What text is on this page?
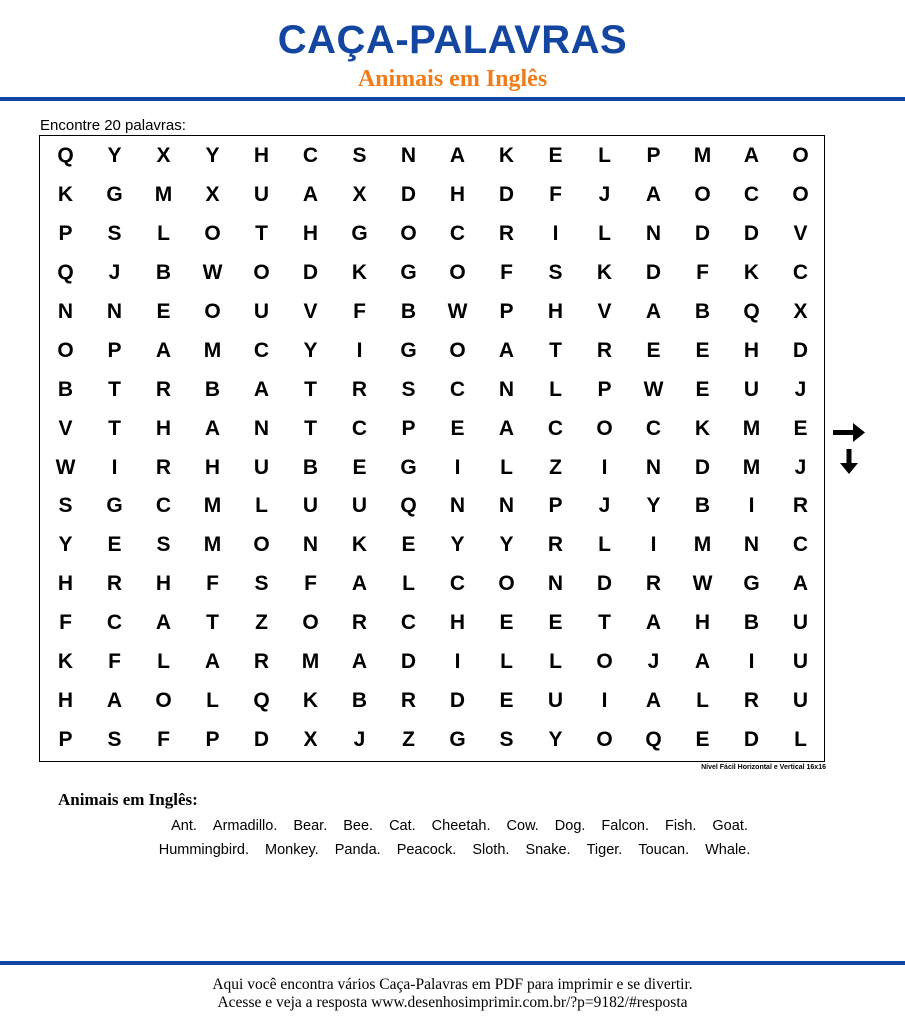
CAÇA-PALAVRAS
Animais em Inglês
Encontre 20 palavras:
Q	Y	X	Y	H	C	S	N	A	K	E	L	P	M	A	O
K	G	M	X	U	A	X	D	H	D	F	J	A	O	C	O
P	S	L	O	T	H	G	O	C	R	I	L	N	D	D	V
Q	J	B	W	O	D	K	G	O	F	S	K	D	F	K	C
N	N	E	O	U	V	F	B	W	P	H	V	A	B	Q	X
O	P	A	M	C	Y	I	G	O	A	T	R	E	E	H	D
B	T	R	B	A	T	R	S	C	N	L	P	W	E	U	J
V	T	H	A	N	T	C	P	E	A	C	O	C	K	M	E
W	I	R	H	U	B	E	G	I	L	Z	I	N	D	M	J
S	G	C	M	L	U	U	Q	N	N	P	J	Y	B	I	R
Y	E	S	M	O	N	K	E	Y	Y	R	L	I	M	N	C
H	R	H	F	S	F	A	L	C	O	N	D	R	W	G	A
F	C	A	T	Z	O	R	C	H	E	E	T	A	H	B	U
K	F	L	A	R	M	A	D	I	L	L	O	J	A	I	U
H	A	O	L	Q	K	B	R	D	E	U	I	A	L	R	U
P	S	F	P	D	X	J	Z	G	S	Y	O	Q	E	D	L
Nível Fácil Horizontal e Vertical 16x16
Animais em Inglês:
Ant. Armadillo. Bear. Bee. Cat. Cheetah. Cow. Dog. Falcon. Fish. Goat.
Hummingbird. Monkey. Panda. Peacock. Sloth. Snake. Tiger. Toucan. Whale.
Aqui você encontra vários Caça-Palavras em PDF para imprimir e se divertir.
Acesse e veja a resposta www.desenhosimprimir.com.br/?p=9182/#resposta
